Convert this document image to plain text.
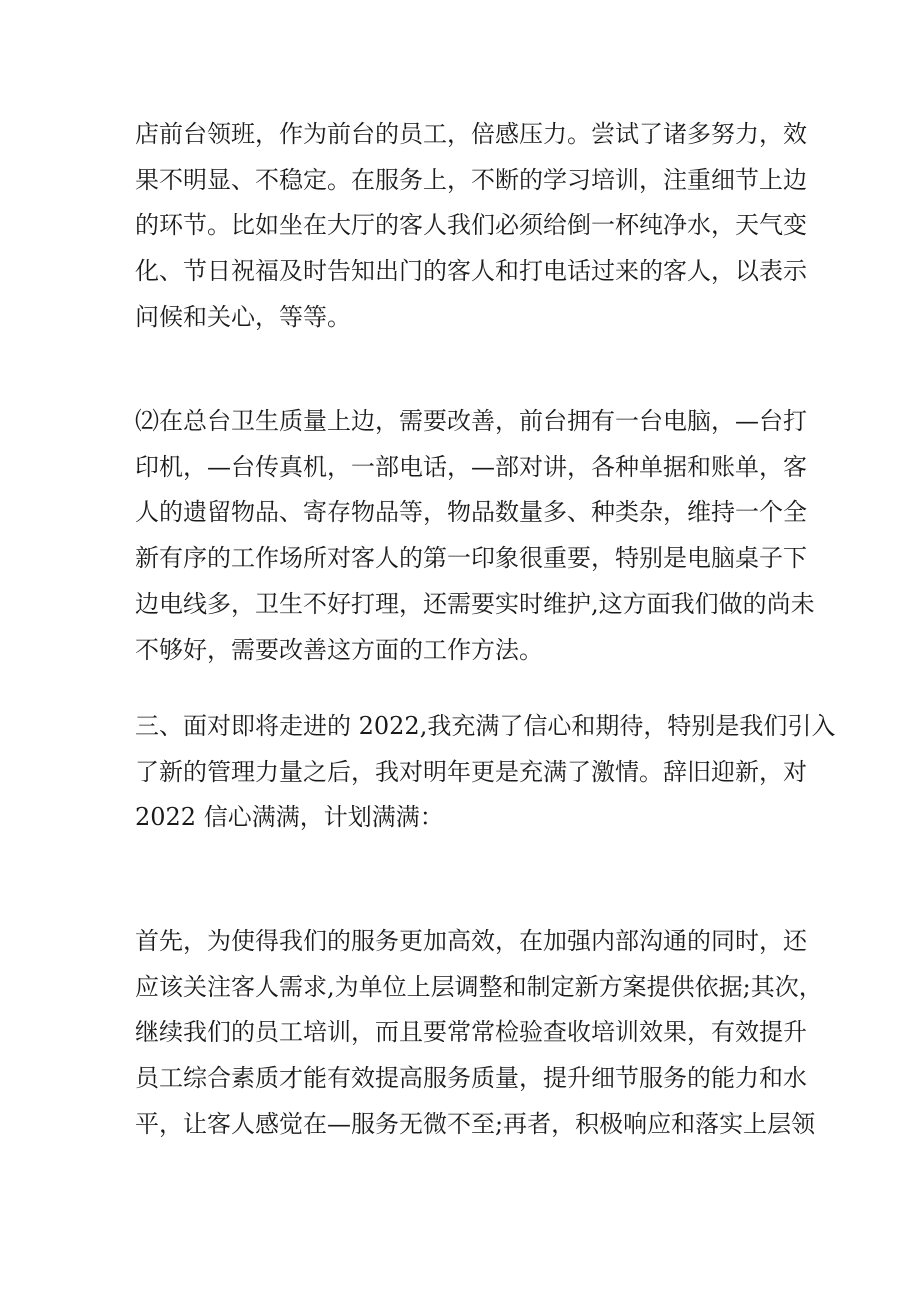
店前台领班，作为前台的员工，倍感压力。尝试了诸多努力，效
果不明显、不稳定。在服务上，不断的学习培训，注重细节上边
的环节。比如坐在大厅的客人我们必须给倒一杯纯净水，天气变
化、节日祝福及时告知出门的客人和打电话过来的客人，以表示
问候和关心，等等。
⑵在总台卫生质量上边，需要改善，前台拥有一台电脑，—台打
印机，—台传真机，一部电话，—部对讲，各种单据和账单，客
人的遗留物品、寄存物品等，物品数量多、种类杂，维持一个全
新有序的工作场所对客人的第一印象很重要，特别是电脑桌子下
边电线多，卫生不好打理，还需要实时维护,这方面我们做的尚未
不够好，需要改善这方面的工作方法。
三、面对即将走进的 2022,我充满了信心和期待，特别是我们引入
了新的管理力量之后，我对明年更是充满了激情。辞旧迎新，对
2022 信心满满，计划满满：
首先，为使得我们的服务更加高效，在加强内部沟通的同时，还
应该关注客人需求,为单位上层调整和制定新方案提供依据;其次，
继续我们的员工培训，而且要常常检验查收培训效果，有效提升
员工综合素质才能有效提高服务质量，提升细节服务的能力和水
平，让客人感觉在—服务无微不至;再者，积极响应和落实上层领
